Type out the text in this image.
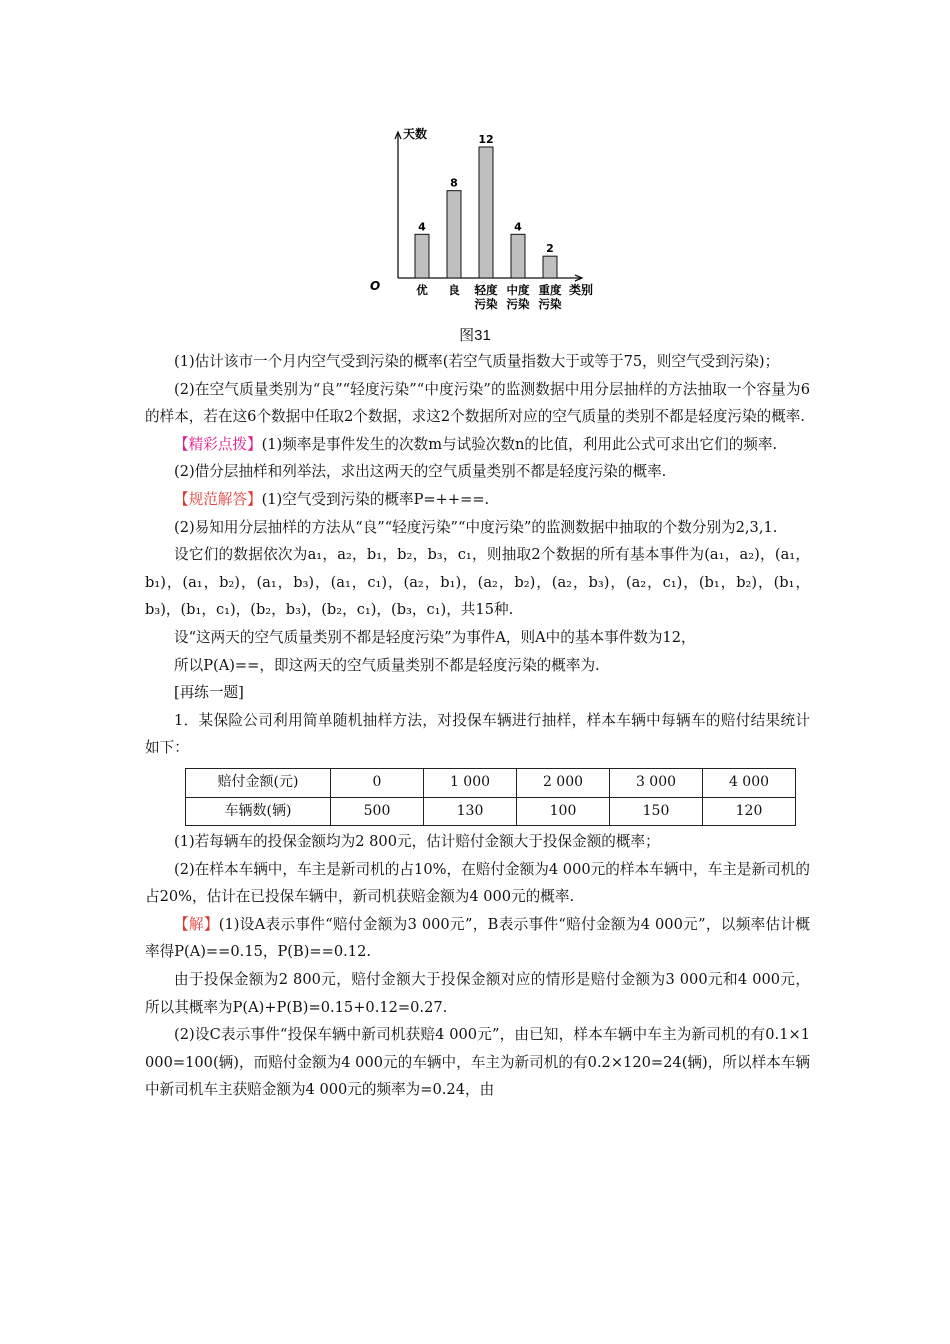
天数
类别
O
4
优
8
良
12
轻度
污染
4
中度
污染
2
重度
污染
图31

(1)估计该市一个月内空气受到污染的概率(若空气质量指数大于或等于75，则空气受到污染)；

(2)在空气质量类别为“良”“轻度污染”“中度污染”的监测数据中用分层抽样的方法抽取一个容量为6的样本，若在这6个数据中任取2个数据，求这2个数据所对应的空气质量的类别不都是轻度污染的概率.

【精彩点拨】(1)频率是事件发生的次数m与试验次数n的比值，利用此公式可求出它们的频率.

(2)借分层抽样和列举法，求出这两天的空气质量类别不都是轻度污染的概率.

【规范解答】(1)空气受到污染的概率P=++==.

(2)易知用分层抽样的方法从“良”“轻度污染”“中度污染”的监测数据中抽取的个数分别为2,3,1.

设它们的数据依次为a₁，a₂，b₁，b₂，b₃，c₁，则抽取2个数据的所有基本事件为(a₁，a₂)，(a₁，b₁)，(a₁，b₂)，(a₁，b₃)，(a₁，c₁)，(a₂，b₁)，(a₂，b₂)，(a₂，b₃)，(a₂，c₁)，(b₁，b₂)，(b₁，b₃)，(b₁，c₁)，(b₂，b₃)，(b₂，c₁)，(b₃，c₁)，共15种.

设“这两天的空气质量类别不都是轻度污染”为事件A，则A中的基本事件数为12，

所以P(A)==，即这两天的空气质量类别不都是轻度污染的概率为.

[再练一题]

1．某保险公司利用简单随机抽样方法，对投保车辆进行抽样，样本车辆中每辆车的赔付结果统计如下：

赔付金额(元)	0	1 000	2 000	3 000	4 000
车辆数(辆)	500	130	100	150	120

(1)若每辆车的投保金额均为2 800元，估计赔付金额大于投保金额的概率；

(2)在样本车辆中，车主是新司机的占10%，在赔付金额为4 000元的样本车辆中，车主是新司机的占20%，估计在已投保车辆中，新司机获赔金额为4 000元的概率.

【解】(1)设A表示事件“赔付金额为3 000元”，B表示事件“赔付金额为4 000元”，以频率估计概率得P(A)==0.15，P(B)==0.12.

由于投保金额为2 800元，赔付金额大于投保金额对应的情形是赔付金额为3 000元和4 000元，所以其概率为P(A)+P(B)=0.15+0.12=0.27.

(2)设C表示事件“投保车辆中新司机获赔4 000元”，由已知，样本车辆中车主为新司机的有0.1×1 000=100(辆)，而赔付金额为4 000元的车辆中，车主为新司机的有0.2×120=24(辆)，所以样本车辆中新司机车主获赔金额为4 000元的频率为=0.24，由
